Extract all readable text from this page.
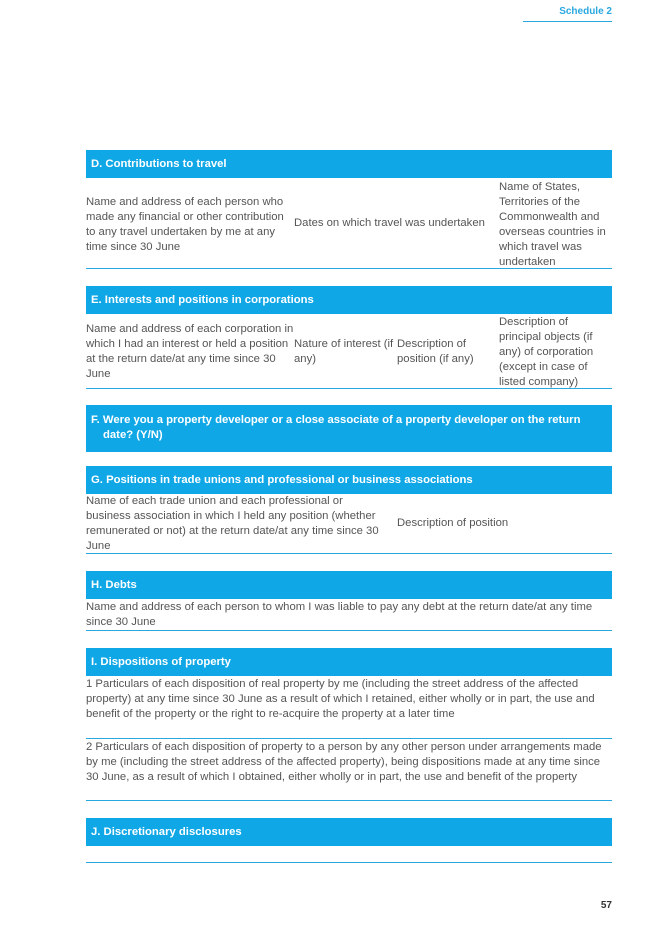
Schedule 2
D. Contributions to travel
Name and address of each person who made any financial or other contribution to any travel undertaken by me at any time since 30 June
Dates on which travel was undertaken
Name of States, Territories of the Commonwealth and overseas countries in which travel was undertaken
E. Interests and positions in corporations
Name and address of each corporation in which I had an interest or held a position at the return date/at any time since 30 June
Nature of interest (if any)
Description of position (if any)
Description of principal objects (if any) of corporation (except in case of listed company)
F. Were you a property developer or a close associate of a property developer on the return
date? (Y/N)
G. Positions in trade unions and professional or business associations
Name of each trade union and each professional or business association in which I held any position (whether remunerated or not) at the return date/at any time since 30 June
Description of position
H. Debts
Name and address of each person to whom I was liable to pay any debt at the return date/at any time since 30 June
I. Dispositions of property
1 Particulars of each disposition of real property by me (including the street address of the affected property) at any time since 30 June as a result of which I retained, either wholly or in part, the use and benefit of the property or the right to re-acquire the property at a later time
2 Particulars of each disposition of property to a person by any other person under arrangements made by me (including the street address of the affected property), being dispositions made at any time since 30 June, as a result of which I obtained, either wholly or in part, the use and benefit of the property
J. Discretionary disclosures
57
